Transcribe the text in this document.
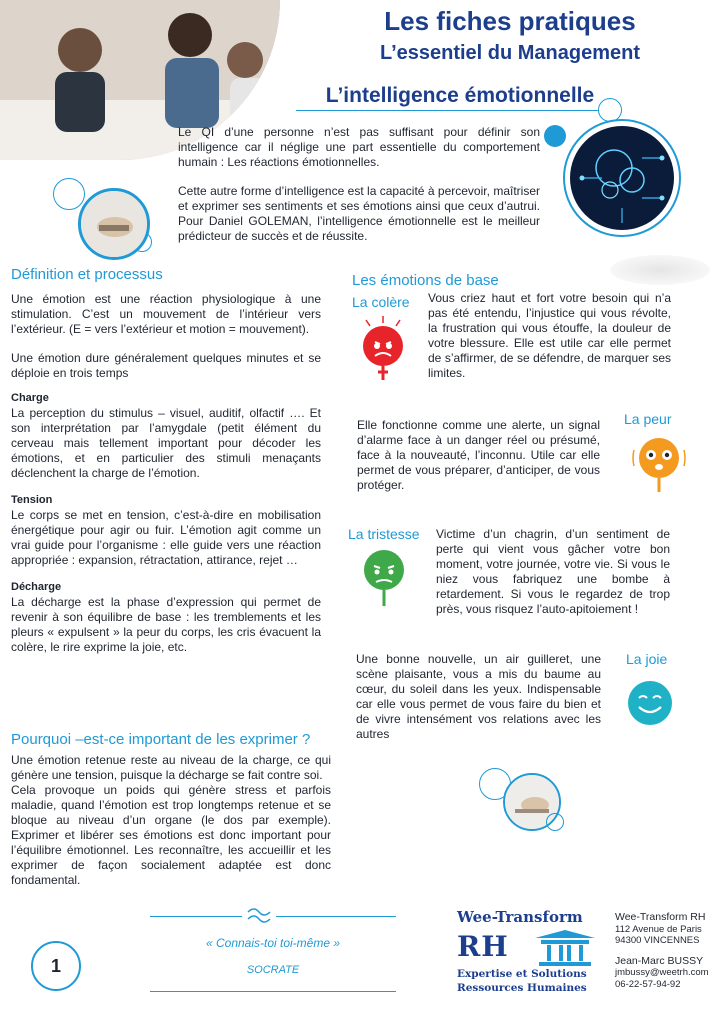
Les fiches pratiques
L’essentiel du Management
L’intelligence émotionnelle

Le QI d’une personne n’est pas suffisant pour définir son intelligence car il néglige une part essentielle du comportement humain : Les réactions émotionnelles.

Cette autre forme d’intelligence est la capacité à percevoir, maîtriser et exprimer ses sentiments et ses émotions ainsi que ceux d’autrui. Pour Daniel GOLEMAN, l’intelligence émotionnelle est le meilleur prédicteur de succès et de réussite.

Définition et processus

Une émotion est une réaction physiologique à une stimulation. C’est un mouvement de l’intérieur vers l’extérieur. (E = vers l’extérieur et motion = mouvement).

Une émotion dure généralement quelques minutes et se déploie en trois temps

Charge

La perception du stimulus – visuel, auditif, olfactif …. Et son interprétation par l’amygdale (petit élément du cerveau mais tellement important pour décoder les émotions, et en particulier des stimuli menaçants déclenchent la charge de l’émotion.

Tension

Le corps se met en tension, c’est-à-dire en mobilisation énergétique pour agir ou fuir. L’émotion agit comme un vrai guide pour l’organisme : elle guide vers une réaction appropriée : expansion, rétractation, attirance, rejet …

Décharge

La décharge est la phase d’expression qui permet de revenir à son équilibre de base : les tremblements et les pleurs « expulsent » la peur du corps, les cris évacuent la colère, le rire exprime la joie, etc.

Pourquoi –est-ce important de les exprimer ?

Une émotion retenue reste au niveau de la charge, ce qui génère une tension, puisque la décharge se fait contre soi.

Cela provoque un poids qui génère stress et parfois maladie, quand l’émotion est trop longtemps retenue et se bloque au niveau d’un organe (le dos par exemple). Exprimer et libérer ses émotions est donc important pour l’équilibre émotionnel. Les reconnaître, les accueillir et les exprimer de façon socialement adaptée est donc fondamental.

Les émotions de base
La colère Vous criez haut et fort votre besoin qui n’a pas été entendu, l’injustice qui vous révolte, la frustration qui vous étouffe, la douleur de votre blessure. Elle est utile car elle permet de s’affirmer, de se défendre, de marquer ses limites.
Elle fonctionne comme une alerte, un signal d’alarme face à un danger réel ou présumé, face à la nouveauté, l’inconnu. Utile car elle permet de vous préparer, d’anticiper, de vous protéger.
La peur
La tristesse Victime d’un chagrin, d’un sentiment de perte qui vient vous gâcher votre bon moment, votre journée, votre vie. Si vous le niez vous fabriquez une bombe à retardement. Si vous le regardez de trop près, vous risquez l’auto-apitoiement !
Une bonne nouvelle, un air guilleret, une scène plaisante, vous a mis du baume au cœur, du soleil dans les yeux. Indispensable car elle vous permet de vous faire du bien et de vivre intensément vos relations avec les autres
La joie
« Connais-toi toi-même »
SOCRATE
1
Wee-Transform
RH
Expertise et Solutions
Ressources Humaines
Wee-Transform RH
112 Avenue de Paris
94300 VINCENNES
Jean-Marc BUSSY
jmbussy@weetrh.com
06-22-57-94-92
